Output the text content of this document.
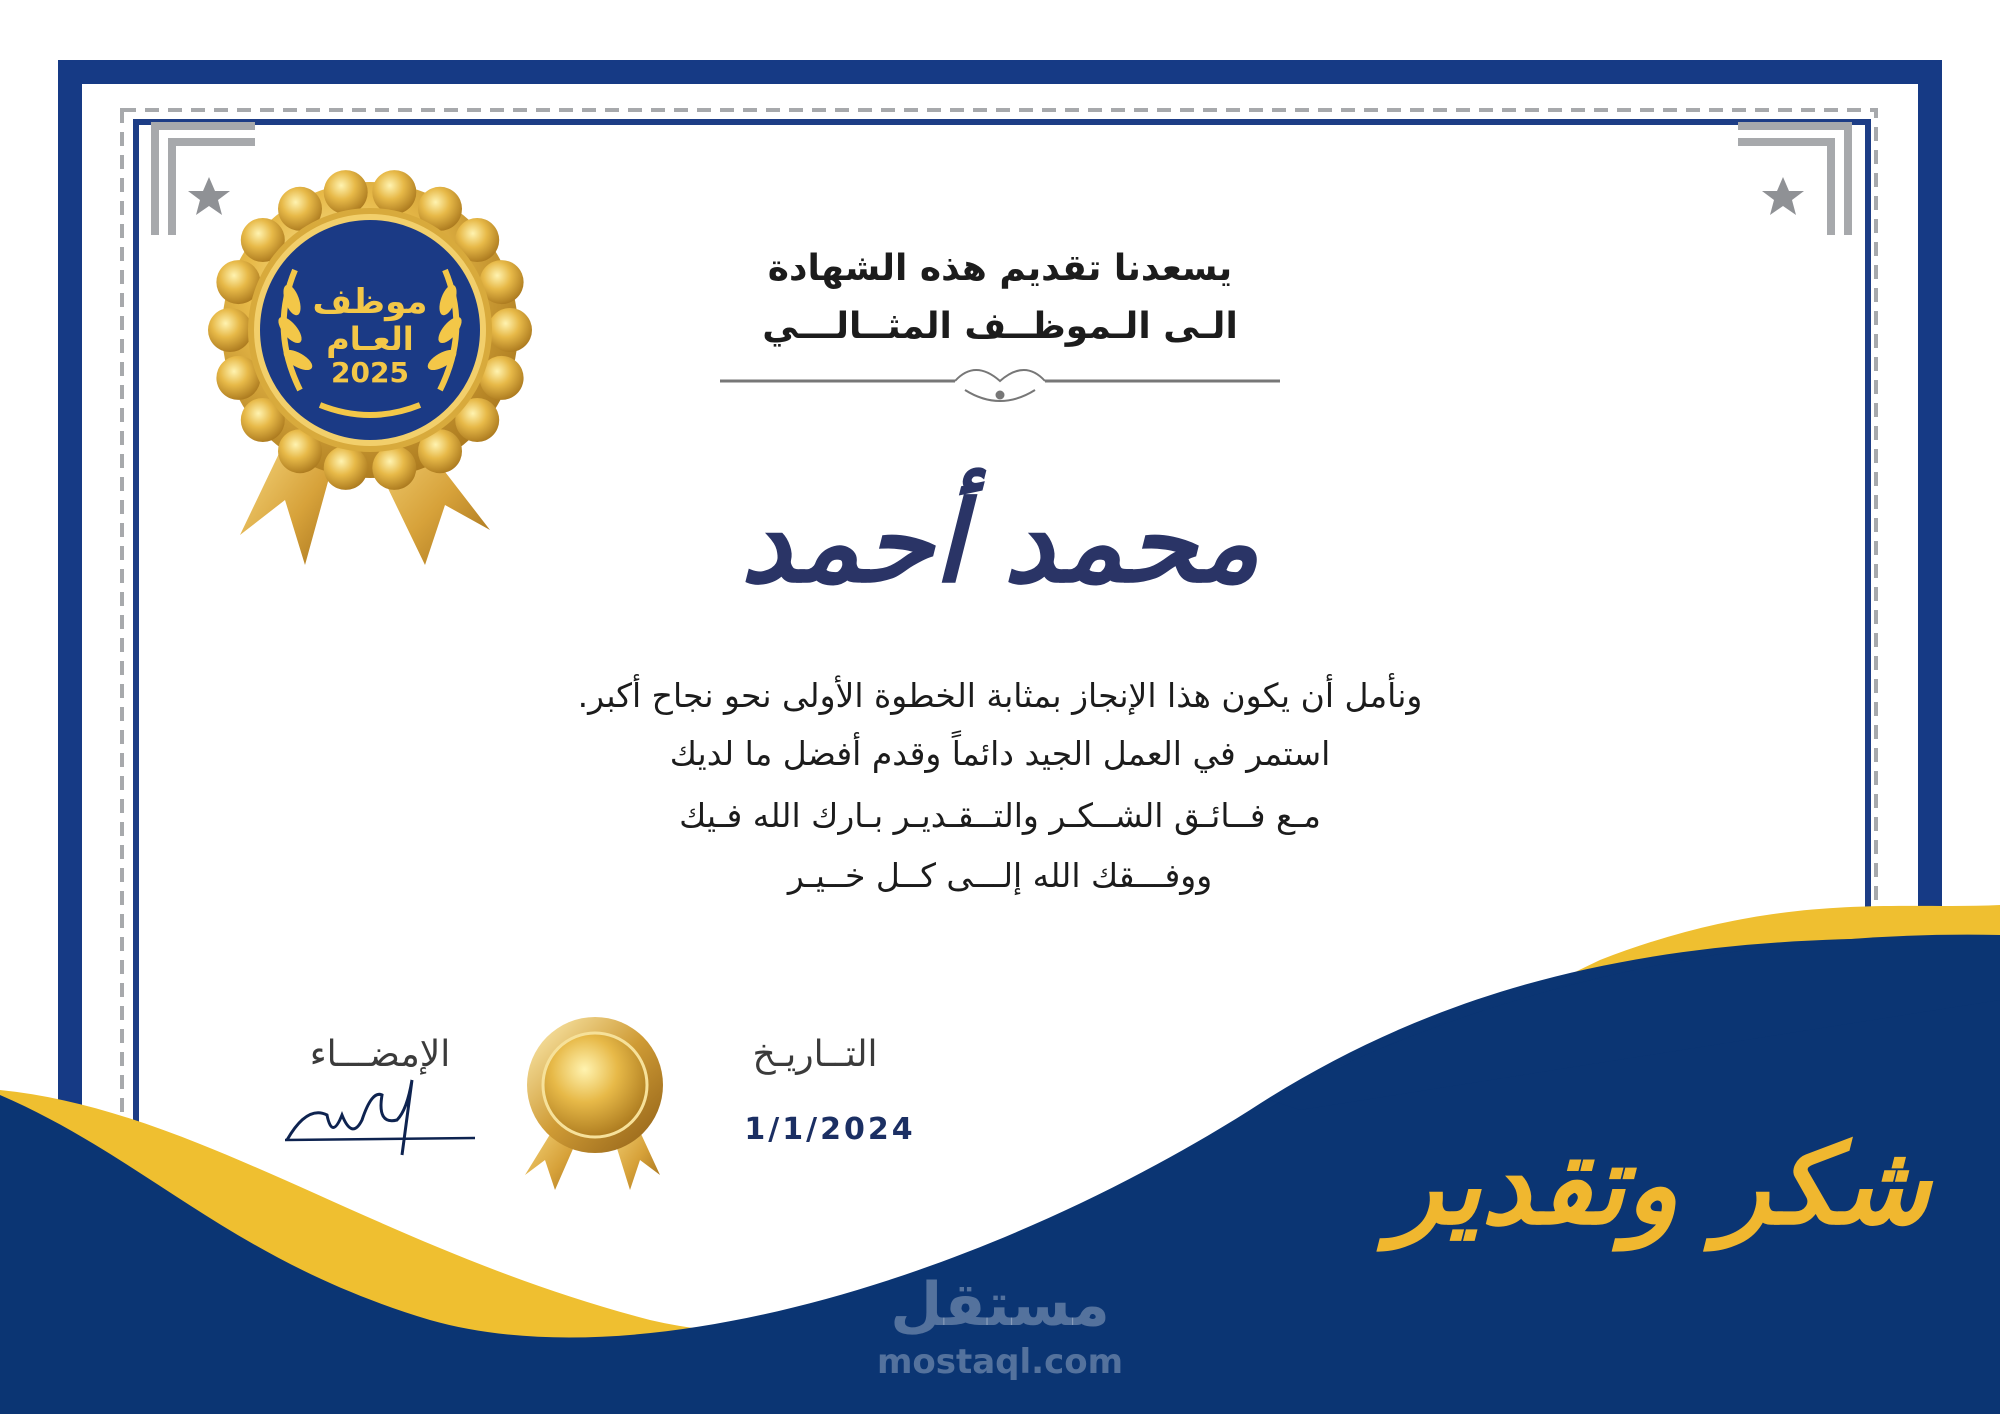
يسعدنا تقديم هذه الشهادة
الـى الـموظــف المثــالـــي
محمد أحمد
ونأمل أن يكون هذا الإنجاز بمثابة الخطوة الأولى نحو نجاح أكبر.
استمر في العمل الجيد دائماً وقدم أفضل ما لديك
مـع فــائـق الشــكـر والتــقـديـر بـارك الله فـيك
ووفـــقك الله إلـــى كــل خــيـر
موظف
العـام
2025
الإمضـــاء	التــاريـخ
1/1/2024	شكر وتقدير
مستقل
mostaql.com
